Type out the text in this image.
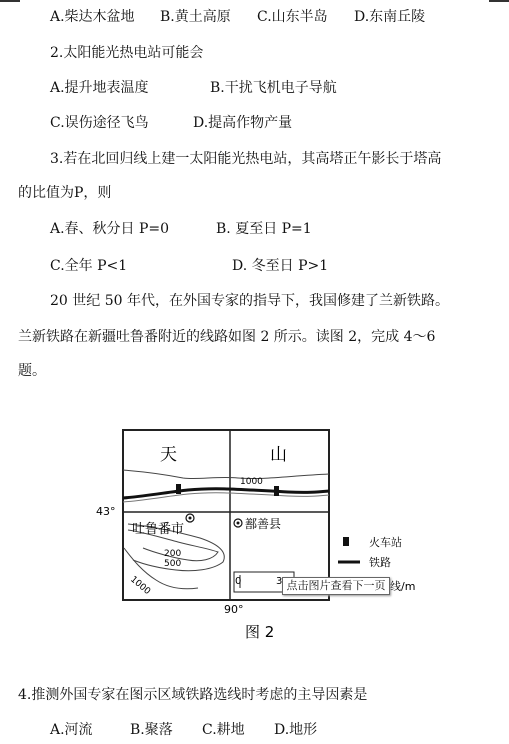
A.柴达木盆地 B.黄土高原 C.山东半岛 D.东南丘陵
2.太阳能光热电站可能会
A.提升地表温度	B.干扰飞机电子导航
C.误伤途径飞鸟	D.提高作物产量
3.若在北回归线上建一太阳能光热电站，其高塔正午影长于塔高
的比值为P，则
A.春、秋分日 P=0	B. 夏至日 P=1
C.全年 P<1	D. 冬至日 P>1
20 世纪 50 年代，在外国专家的指导下，我国修建了兰新铁路。
兰新铁路在新疆吐鲁番附近的线路如图 2 所示。读图 2，完成 4～6
题。
天	山
1000
43°
吐鲁番市	鄯善县
200
500
1000
90°
0	3	线/m
火车站
铁路
图 2
点击图片查看下一页
4.推测外国专家在图示区域铁路选线时考虑的主导因素是
A.河流	B.聚落 C.耕地 D.地形
